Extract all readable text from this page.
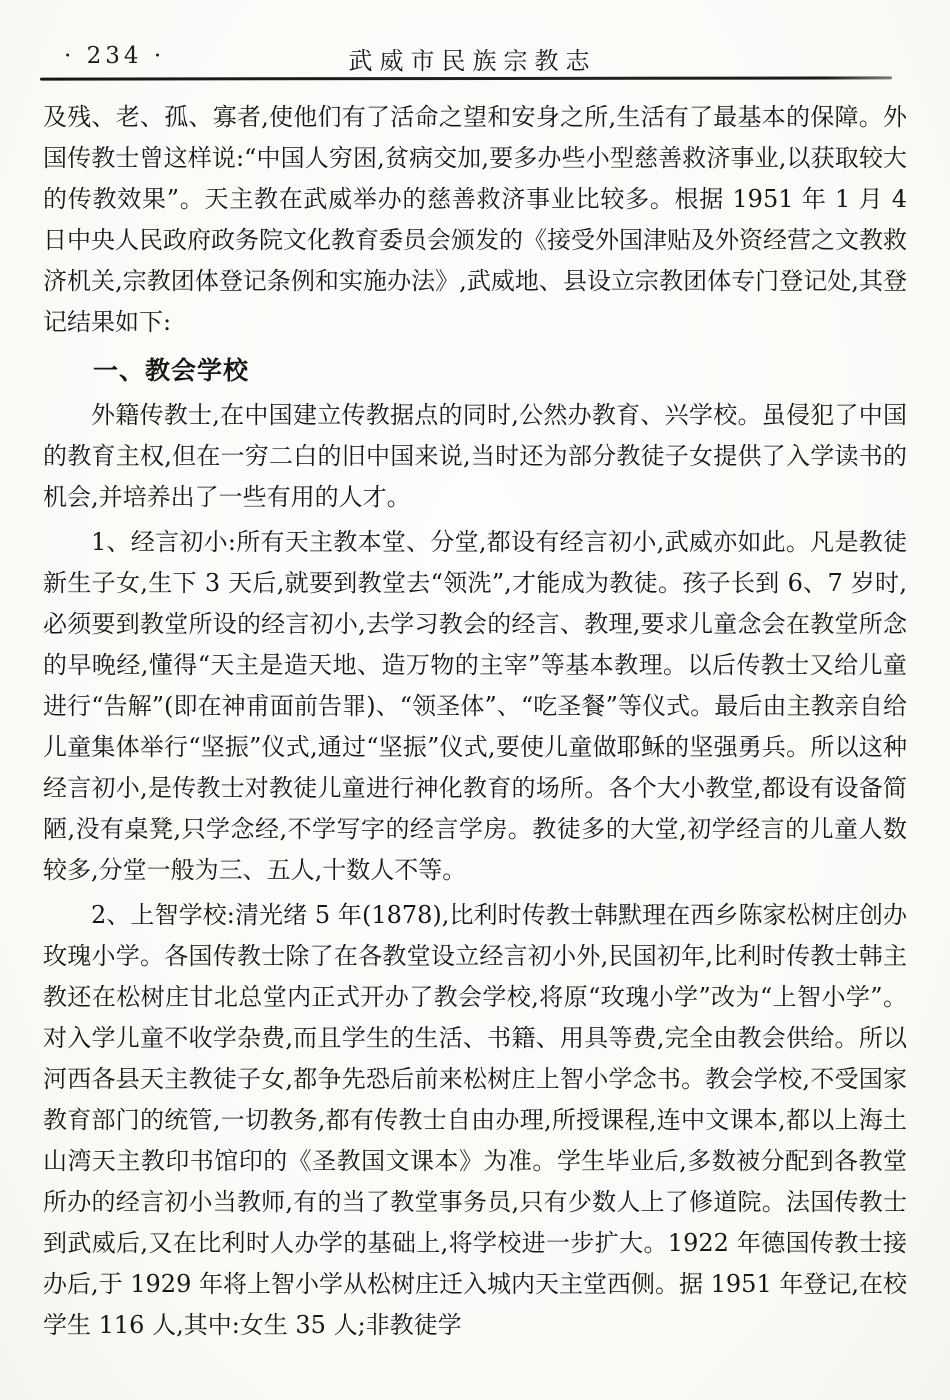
· 234 ·	武威市民族宗教志
及残、老、孤、寡者,使他们有了活命之望和安身之所,生活有了最基本的保障。外国传教士曾这样说:“中国人穷困,贫病交加,要多办些小型慈善救济事业,以获取较大的传教效果”。天主教在武威举办的慈善救济事业比较多。根据 1951 年 1 月 4 日中央人民政府政务院文化教育委员会颁发的《接受外国津贴及外资经营之文教救济机关,宗教团体登记条例和实施办法》,武威地、县设立宗教团体专门登记处,其登记结果如下:
一、教会学校
外籍传教士,在中国建立传教据点的同时,公然办教育、兴学校。虽侵犯了中国的教育主权,但在一穷二白的旧中国来说,当时还为部分教徒子女提供了入学读书的机会,并培养出了一些有用的人才。
1、经言初小:所有天主教本堂、分堂,都设有经言初小,武威亦如此。凡是教徒新生子女,生下 3 天后,就要到教堂去“领洗”,才能成为教徒。孩子长到 6、7 岁时,必须要到教堂所设的经言初小,去学习教会的经言、教理,要求儿童念会在教堂所念的早晚经,懂得“天主是造天地、造万物的主宰”等基本教理。以后传教士又给儿童进行“告解”(即在神甫面前告罪)、“领圣体”、“吃圣餐”等仪式。最后由主教亲自给儿童集体举行“坚振”仪式,通过“坚振”仪式,要使儿童做耶稣的坚强勇兵。所以这种经言初小,是传教士对教徒儿童进行神化教育的场所。各个大小教堂,都设有设备简陋,没有桌凳,只学念经,不学写字的经言学房。教徒多的大堂,初学经言的儿童人数较多,分堂一般为三、五人,十数人不等。
2、上智学校:清光绪 5 年(1878),比利时传教士韩默理在西乡陈家松树庄创办玫瑰小学。各国传教士除了在各教堂设立经言初小外,民国初年,比利时传教士韩主教还在松树庄甘北总堂内正式开办了教会学校,将原“玫瑰小学”改为“上智小学”。对入学儿童不收学杂费,而且学生的生活、书籍、用具等费,完全由教会供给。所以河西各县天主教徒子女,都争先恐后前来松树庄上智小学念书。教会学校,不受国家教育部门的统管,一切教务,都有传教士自由办理,所授课程,连中文课本,都以上海土山湾天主教印书馆印的《圣教国文课本》为准。学生毕业后,多数被分配到各教堂所办的经言初小当教师,有的当了教堂事务员,只有少数人上了修道院。法国传教士到武威后,又在比利时人办学的基础上,将学校进一步扩大。1922 年德国传教士接办后,于 1929 年将上智小学从松树庄迁入城内天主堂西侧。据 1951 年登记,在校学生 116 人,其中:女生 35 人;非教徒学
